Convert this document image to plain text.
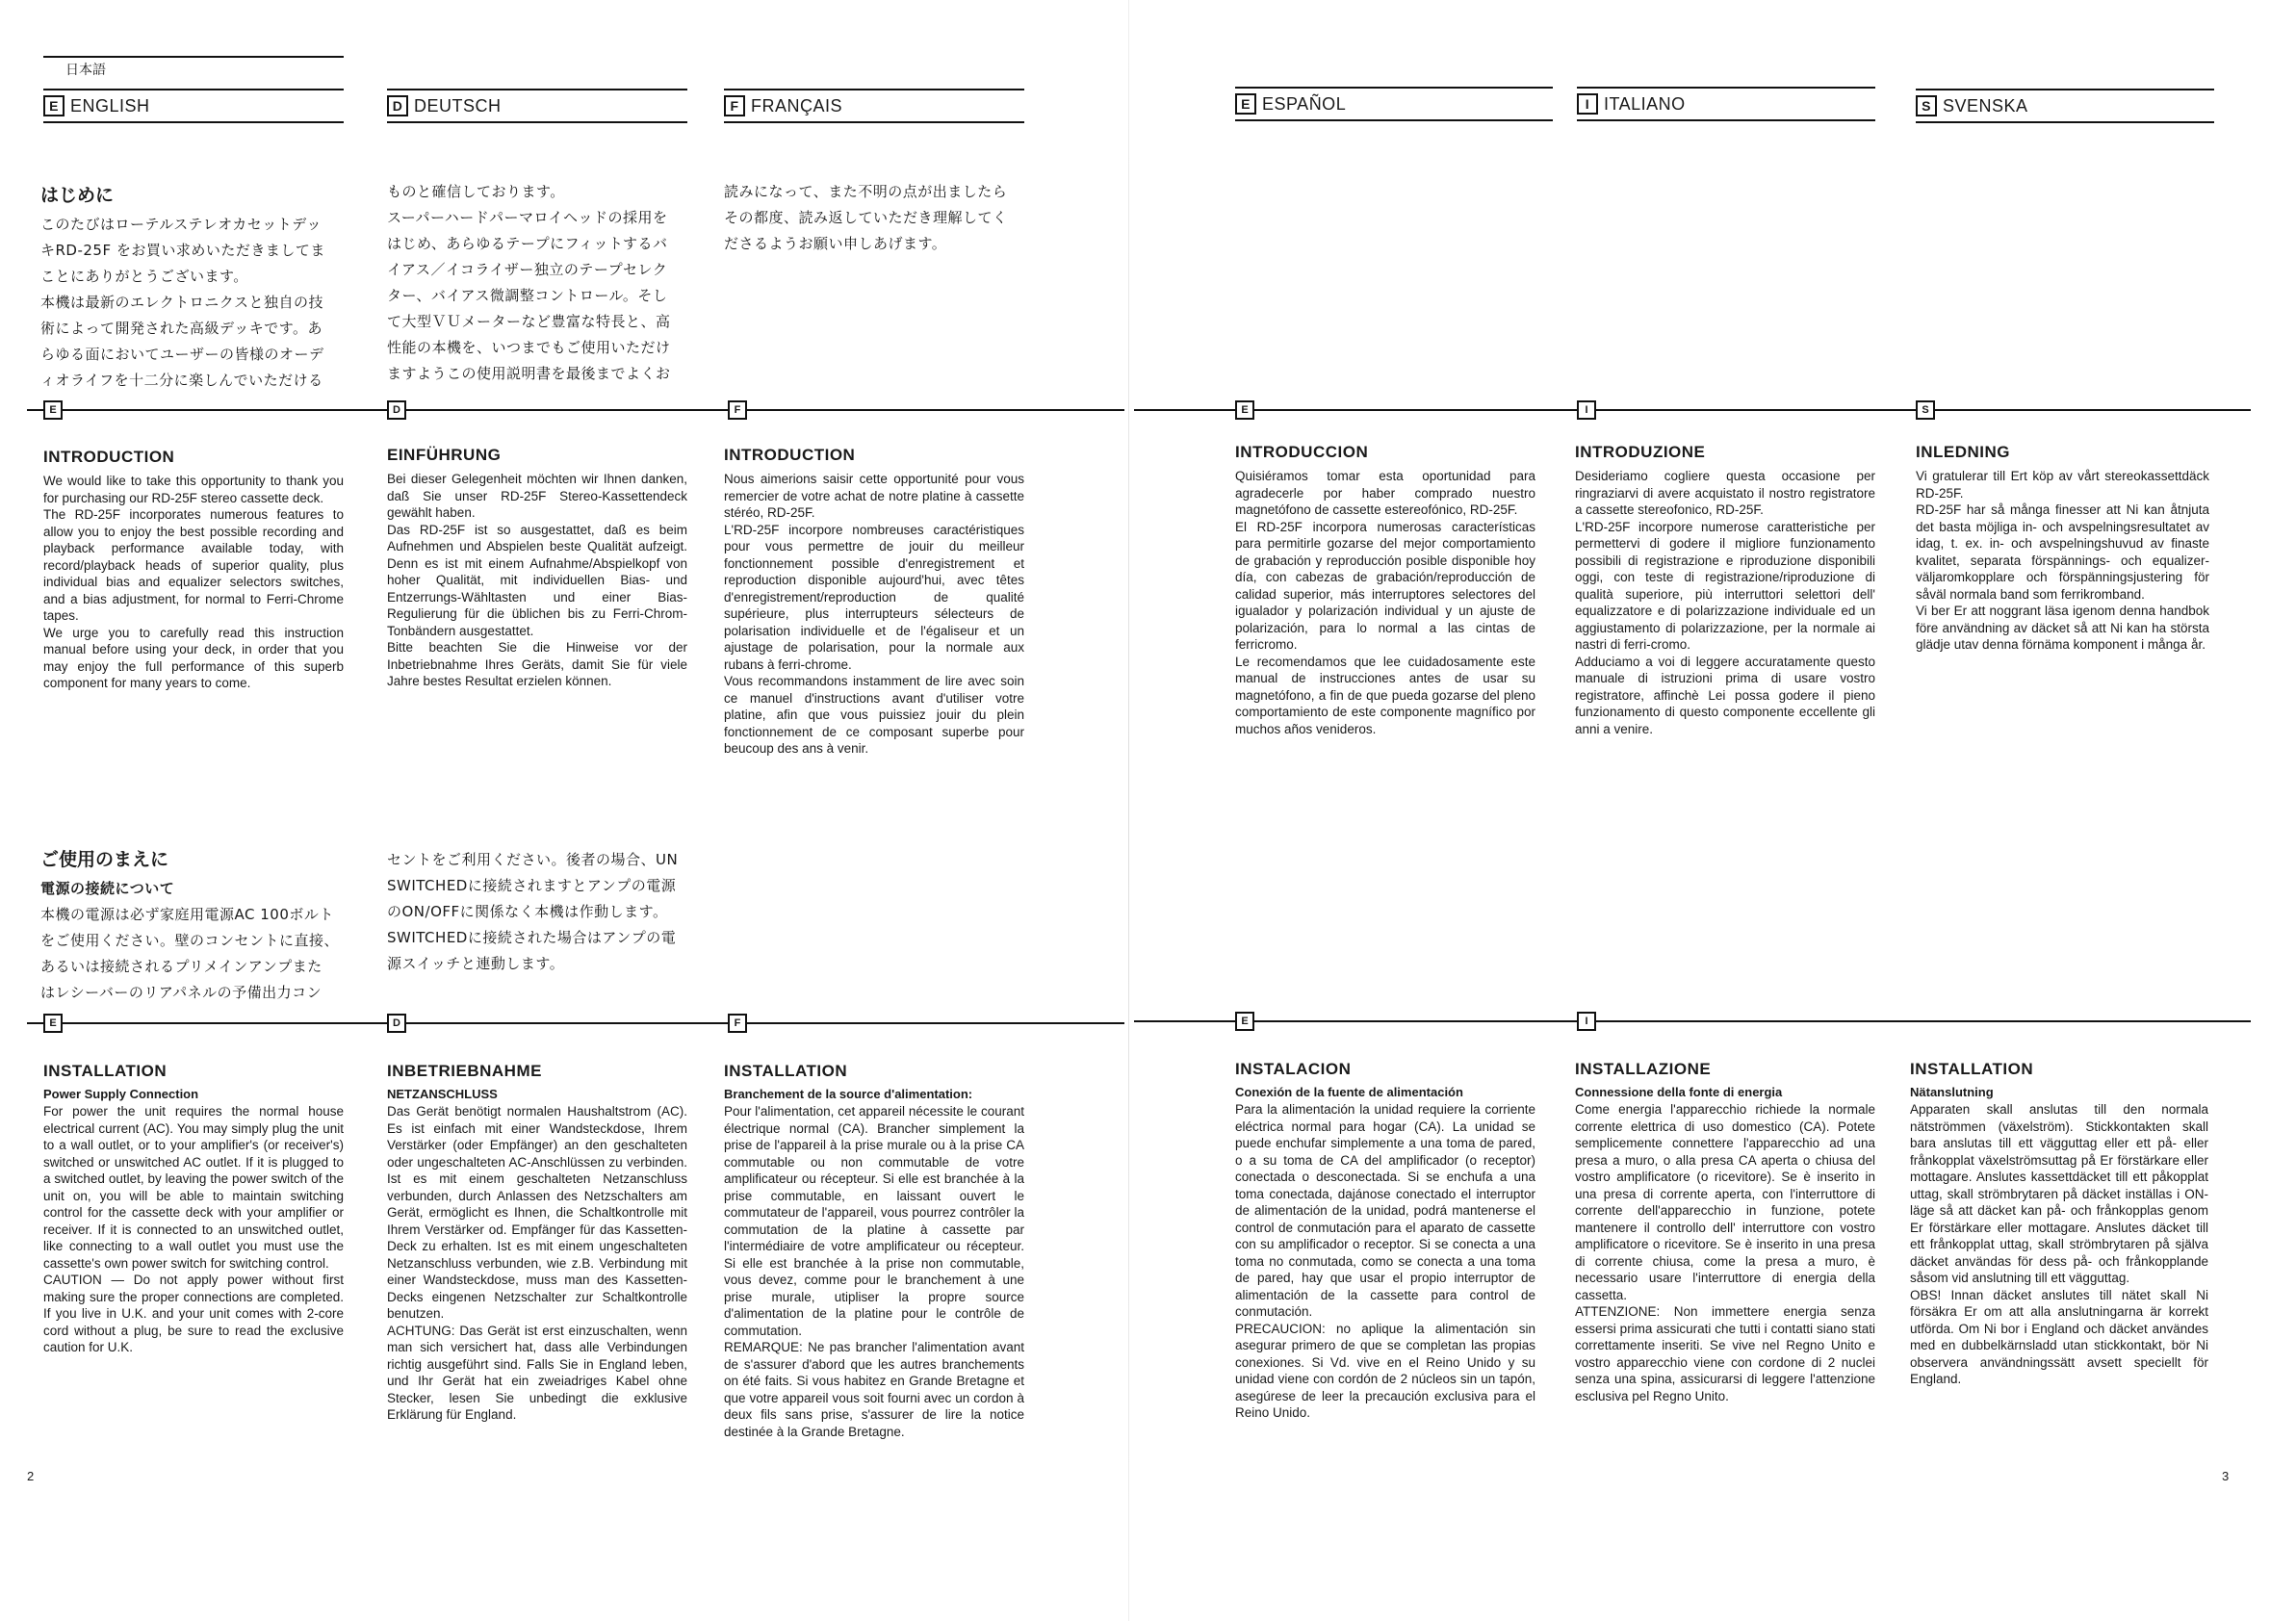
日本語
E ENGLISH	D DEUTSCH	F FRANÇAIS	E ESPAÑOL	I ITALIANO	S SVENSKA
はじめに
このたびはローテルステレオカセットデッ
キRD-25F をお買い求めいただきましてま
ことにありがとうございます。
本機は最新のエレクトロニクスと独自の技
術によって開発された高級デッキです。あ
らゆる面においてユーザーの皆様のオーデ
ィオライフを十二分に楽しんでいただける
ものと確信しております。
スーパーハードパーマロイヘッドの採用を
はじめ、あらゆるテープにフィットするバ
イアス／イコライザー独立のテープセレク
ター、バイアス微調整コントロール。そし
て大型ＶＵメーターなど豊富な特長と、高
性能の本機を、いつまでもご使用いただけ
ますようこの使用説明書を最後までよくお
読みになって、また不明の点が出ましたら
その都度、読み返していただき理解してく
ださるようお願い申しあげます。
E	D	F	E	I	S
INTRODUCTION
We would like to take this opportunity to thank you for purchasing our RD-25F stereo cassette deck.
The RD-25F incorporates numerous features to allow you to enjoy the best possible recording and playback performance available today, with record/playback heads of superior quality, plus individual bias and equalizer selectors switches, and a bias adjustment, for normal to Ferri-Chrome tapes.
We urge you to carefully read this instruction manual before using your deck, in order that you may enjoy the full performance of this superb component for many years to come.
EINFÜHRUNG
Bei dieser Gelegenheit möchten wir Ihnen danken, daß Sie unser RD-25F Stereo-Kassettendeck gewählt haben.
Das RD-25F ist so ausgestattet, daß es beim Aufnehmen und Abspielen beste Qualität aufzeigt. Denn es ist mit einem Aufnahme/Abspielkopf von hoher Qualität, mit individuellen Bias- und Entzerrungs-Wähltasten und einer Bias-Regulierung für die üblichen bis zu Ferri-Chrom-Tonbändern ausgestattet.
Bitte beachten Sie die Hinweise vor der Inbetriebnahme Ihres Geräts, damit Sie für viele Jahre bestes Resultat erzielen können.
INTRODUCTION
Nous aimerions saisir cette opportunité pour vous remercier de votre achat de notre platine à cassette stéréo, RD-25F.
L'RD-25F incorpore nombreuses caractéristiques pour vous permettre de jouir du meilleur fonctionnement possible d'enregistrement et reproduction disponible aujourd'hui, avec têtes d'enregistrement/reproduction de qualité supérieure, plus interrupteurs sélecteurs de polarisation individuelle et de l'égaliseur et un ajustage de polarisation, pour la normale aux rubans à ferri-chrome.
Vous recommandons instamment de lire avec soin ce manuel d'instructions avant d'utiliser votre platine, afin que vous puissiez jouir du plein fonctionnement de ce composant superbe pour beucoup des ans à venir.
INTRODUCCION
Quisiéramos tomar esta oportunidad para agradecerle por haber comprado nuestro magnetófono de cassette estereofónico, RD-25F.
El RD-25F incorpora numerosas características para permitirle gozarse del mejor comportamiento de grabación y reproducción posible disponible hoy día, con cabezas de grabación/reproducción de calidad superior, más interruptores selectores del igualador y polarización individual y un ajuste de polarización, para lo normal a las cintas de ferricromo.
Le recomendamos que lee cuidadosamente este manual de instrucciones antes de usar su magnetófono, a fin de que pueda gozarse del pleno comportamiento de este componente magnífico por muchos años venideros.
INTRODUZIONE
Desideriamo cogliere questa occasione per ringraziarvi di avere acquistato il nostro registratore a cassette stereofonico, RD-25F.
L'RD-25F incorpore numerose caratteristiche per permettervi di godere il migliore funzionamento possibili di registrazione e riproduzione disponibili oggi, con teste di registrazione/riproduzione di qualità superiore, più interruttori selettori dell' equalizzatore e di polarizzazione individuale ed un aggiustamento di polarizzazione, per la normale ai nastri di ferri-cromo.
Adduciamo a voi di leggere accuratamente questo manuale di istruzioni prima di usare vostro registratore, affinchè Lei possa godere il pieno funzionamento di questo componente eccellente gli anni a venire.
INLEDNING
Vi gratulerar till Ert köp av vårt stereokassettdäck RD-25F.
RD-25F har så många finesser att Ni kan åtnjuta det basta möjliga in- och avspelningsresultatet av idag, t. ex. in- och avspelningshuvud av finaste kvalitet, separata förspännings- och equalizer-väljaromkopplare och förspänningsjustering för såväl normala band som ferrikromband.
Vi ber Er att noggrant läsa igenom denna handbok före användning av däcket så att Ni kan ha största glädje utav denna förnämа komponent i många år.
ご使用のまえに
電源の接続について
本機の電源は必ず家庭用電源AC 100ボルト
をご使用ください。壁のコンセントに直接、
あるいは接続されるプリメインアンプまた
はレシーバーのリアパネルの予備出力コン
セントをご利用ください。後者の場合、UN
SWITCHEDに接続されますとアンプの電源
のON/OFFに関係なく本機は作動します。
SWITCHEDに接続された場合はアンプの電
源スイッチと連動します。
E	D	F	E	I
INSTALLATION
Power Supply Connection
For power the unit requires the normal house electrical current (AC). You may simply plug the unit to a wall outlet, or to your amplifier's (or receiver's) switched or unswitched AC outlet. If it is plugged to a switched outlet, by leaving the power switch of the unit on, you will be able to maintain switching control for the cassette deck with your amplifier or receiver. If it is connected to an unswitched outlet, like connecting to a wall outlet you must use the cassette's own power switch for switching control.
CAUTION — Do not apply power without first making sure the proper connections are completed. If you live in U.K. and your unit comes with 2-core cord without a plug, be sure to read the exclusive caution for U.K.
INBETRIEBNAHME
NETZANSCHLUSS
Das Gerät benötigt normalen Haushaltstrom (AC). Es ist einfach mit einer Wandsteckdose, Ihrem Verstärker (oder Empfänger) an den geschalteten oder ungeschalteten AC-Anschlüssen zu verbinden. Ist es mit einem geschalteten Netzanschluss verbunden, durch Anlassen des Netzschalters am Gerät, ermöglicht es Ihnen, die Schaltkontrolle mit Ihrem Verstärker od. Empfänger für das Kassetten-Deck zu erhalten. Ist es mit einem ungeschalteten Netzanschluss verbunden, wie z.B. Verbindung mit einer Wandsteckdose, muss man des Kassetten-Decks eingenen Netzschalter zur Schaltkontrolle benutzen.
ACHTUNG: Das Gerät ist erst einzuschalten, wenn man sich versichert hat, dass alle Verbindungen richtig ausgeführt sind. Falls Sie in England leben, und Ihr Gerät hat ein zweiadriges Kabel ohne Stecker, lesen Sie unbedingt die exklusive Erklärung für England.
INSTALLATION
Branchement de la source d'alimentation:
Pour l'alimentation, cet appareil nécessite le courant électrique normal (CA). Brancher simplement la prise de l'appareil à la prise murale ou à la prise CA commutable ou non commutable de votre amplificateur ou récepteur. Si elle est branchée à la prise commutable, en laissant ouvert le commutateur de l'appareil, vous pourrez contrôler la commutation de la platine à cassette par l'intermédiaire de votre amplificateur ou récepteur. Si elle est branchée à la prise non commutable, vous devez, comme pour le branchement à une prise murale, utipliser la propre source d'alimentation de la platine pour le contrôle de commutation.
REMARQUE: Ne pas brancher l'alimentation avant de s'assurer d'abord que les autres branchements on été faits. Si vous habitez en Grande Bretagne et que votre appareil vous soit fourni avec un cordon à deux fils sans prise, s'assurer de lire la notice destinée à la Grande Bretagne.
INSTALACION
Conexión de la fuente de alimentación
Para la alimentación la unidad requiere la corriente eléctrica normal para hogar (CA). La unidad se puede enchufar simplemente a una toma de pared, o a su toma de CA del amplificador (o receptor) conectada o desconectada. Si se enchufa a una toma conectada, dajánose conectado el interruptor de alimentación de la unidad, podrá mantenerse el control de conmutación para el aparato de cassette con su amplificador o receptor. Si se conecta a una toma no conmutada, como se conecta a una toma de pared, hay que usar el propio interruptor de alimentación de la cassette para control de conmutación.
PRECAUCION: no aplique la alimentación sin asegurar primero de que se completan las propias conexiones. Si Vd. vive en el Reino Unido y su unidad viene con cordón de 2 núcleos sin un tapón, asegúrese de leer la precaución exclusiva para el Reino Unido.
INSTALLAZIONE
Connessione della fonte di energia
Come energia l'apparecchio richiede la normale corrente elettrica di uso domestico (CA). Potete semplicemente connettere l'apparecchio ad una presa a muro, o alla presa CA aperta o chiusa del vostro amplificatore (o ricevitore). Se è inserito in una presa di corrente aperta, con l'interruttore di corrente dell'apparecchio in funzione, potete mantenere il controllo dell' interruttore con vostro amplificatore o ricevitore. Se è inserito in una presa di corrente chiusa, come la presa a muro, è necessario usare l'interruttore di energia della cassetta.
ATTENZIONE: Non immettere energia senza essersi prima assicurati che tutti i contatti siano stati correttamente inseriti. Se vive nel Regno Unito e vostro apparecchio viene con cordone di 2 nuclei senza una spina, assicurarsi di leggere l'attenzione esclusiva pel Regno Unito.
INSTALLATION
Nätanslutning
Apparaten skall anslutas till den normala nätströmmen (växelström). Stickkontakten skall bara anslutas till ett vägguttag eller ett på- eller frånkopplat växelströmsuttag på Er förstärkare eller mottagare. Anslutes kassettdäcket till ett påkopplat uttag, skall strömbrytaren på däcket inställas i ON-läge så att däcket kan på- och frånkopplas genom Er förstärkare eller mottagare. Anslutes däcket till ett frånkopplat uttag, skall strömbrytaren på själva däcket användas för dess på- och frånkopplande såsom vid anslutning till ett vägguttag.
OBS! Innan däcket anslutes till nätet skall Ni försäkra Er om att alla anslutningarna är korrekt utförda. Om Ni bor i England och däcket användes med en dubbelkärnsladd utan stickkontakt, bör Ni observera användningssätt avsett speciellt för England.
2	3
